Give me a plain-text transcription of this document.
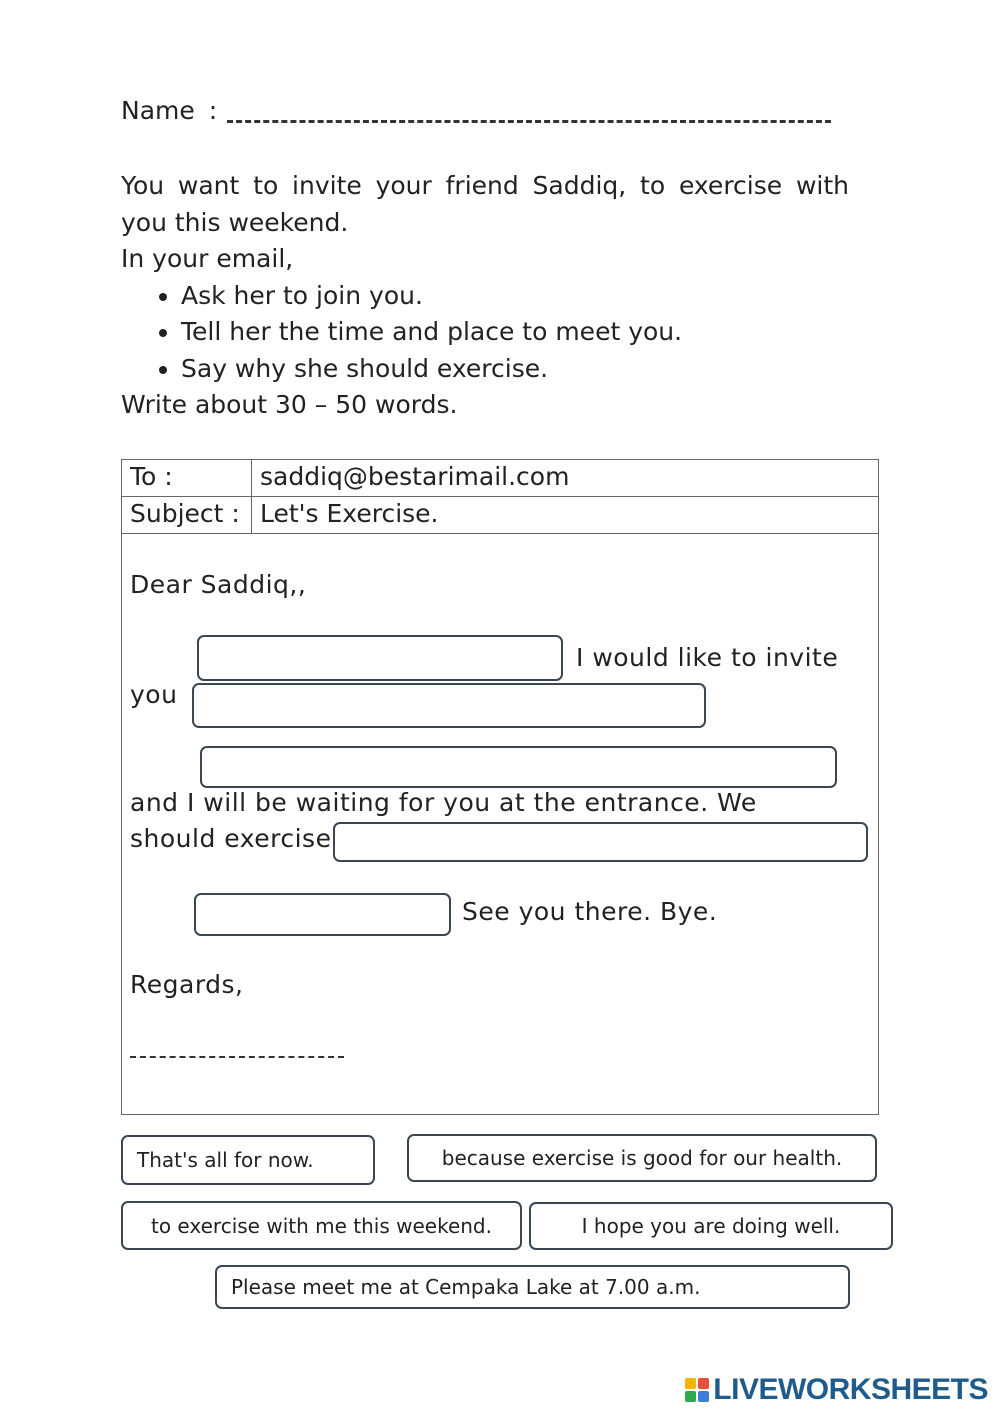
Name :

You want to invite your friend Saddiq, to exercise with

you this weekend.

In your email,

• Ask her to join you.
• Tell her the time and place to meet you.
• Say why she should exercise.

Write about 30 – 50 words.

To :	saddiq@bestarimail.com
Subject : Let's Exercise.
Dear Saddiq,,
I would like to invite
you
and I will be waiting for you at the entrance. We
should exercise
See you there. Bye.
Regards,
That's all for now.	because exercise is good for our health.
to exercise with me this weekend.	I hope you are doing well.
Please meet me at Cempaka Lake at 7.00 a.m.
LIVEWORKSHEETS
